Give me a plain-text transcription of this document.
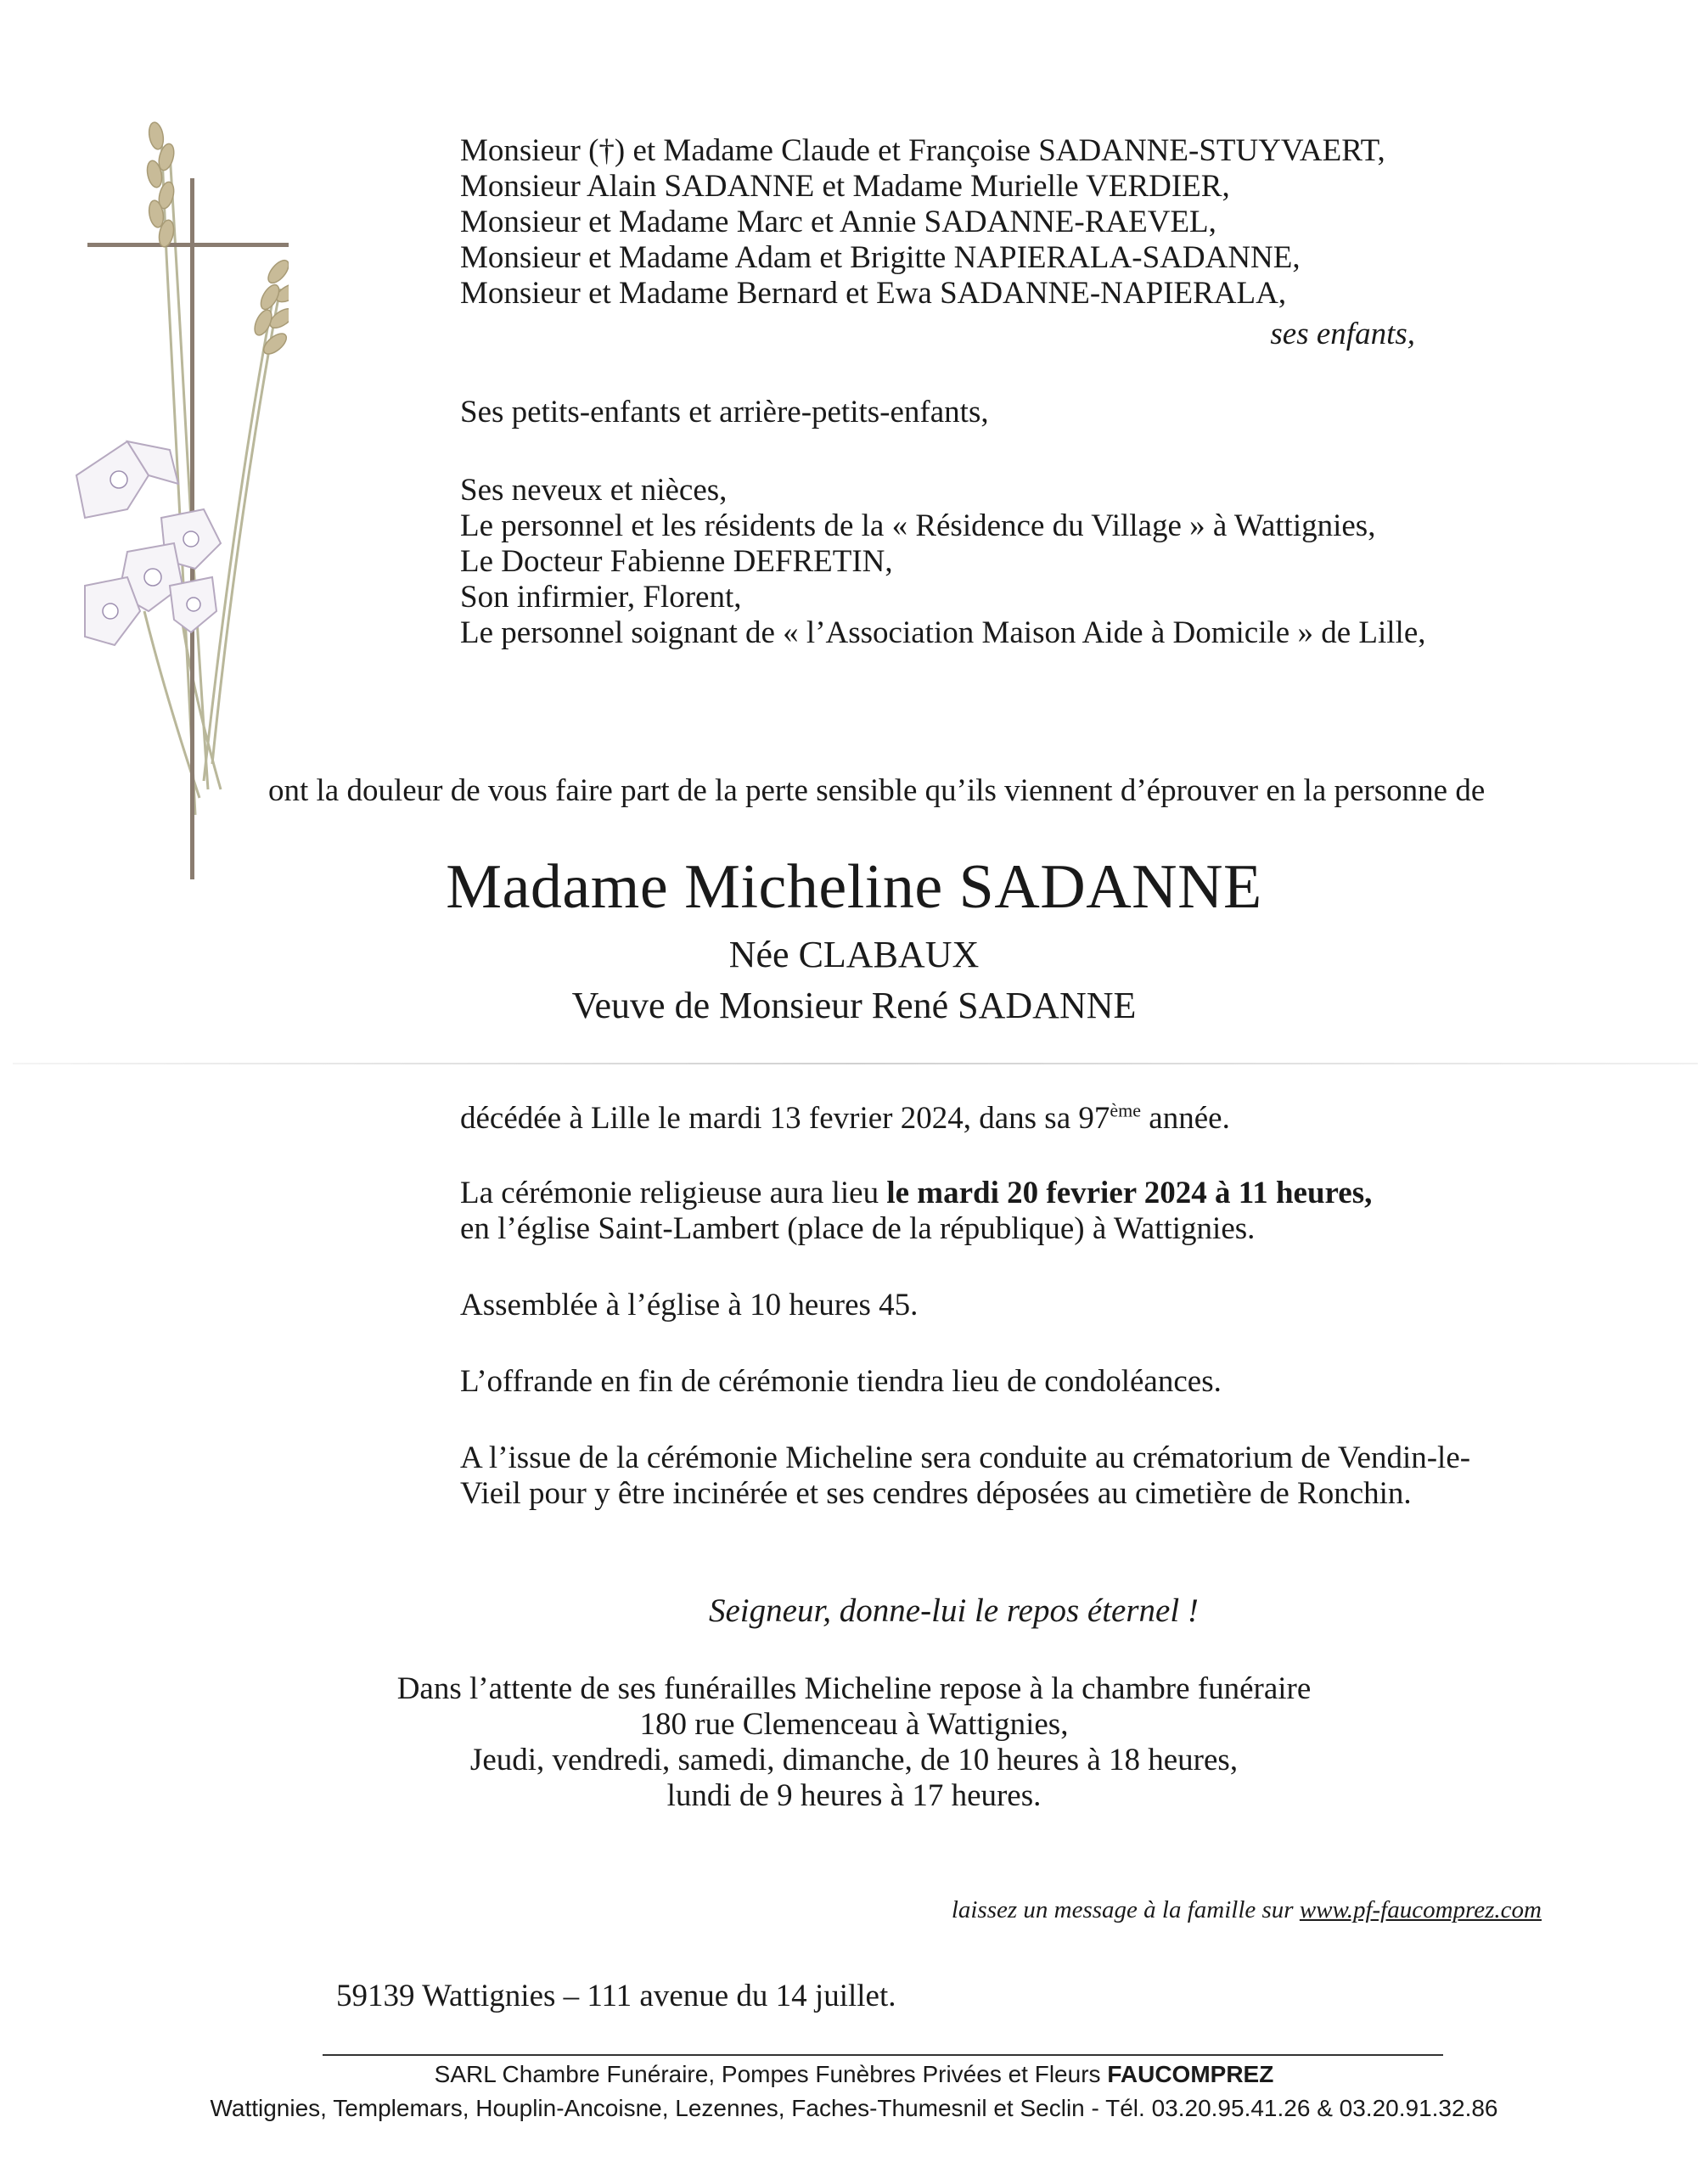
Monsieur (†) et Madame Claude et Françoise SADANNE-STUYVAERT,
Monsieur Alain SADANNE et Madame Murielle VERDIER,
Monsieur et Madame Marc et Annie SADANNE-RAEVEL,
Monsieur et Madame Adam et Brigitte NAPIERALA-SADANNE,
Monsieur et Madame Bernard et Ewa SADANNE-NAPIERALA,
ses enfants,
Ses petits-enfants et arrière-petits-enfants,
Ses neveux et nièces,
Le personnel et les résidents de la « Résidence du Village » à Wattignies,
Le Docteur Fabienne DEFRETIN,
Son infirmier, Florent,
Le personnel soignant de « l’Association Maison Aide à Domicile » de Lille,
ont la douleur de vous faire part de la perte sensible qu’ils viennent d’éprouver en la personne de
Madame Micheline SADANNE
Née CLABAUX
Veuve de Monsieur René SADANNE
décédée à Lille le mardi 13 fevrier 2024, dans sa 97ème année.
La cérémonie religieuse aura lieu le mardi 20 fevrier 2024 à 11 heures,
en l’église Saint-Lambert (place de la république) à Wattignies.
Assemblée à l’église à 10 heures 45.
L’offrande en fin de cérémonie tiendra lieu de condoléances.
A l’issue de la cérémonie Micheline sera conduite au crématorium de Vendin-le-
Vieil pour y être incinérée et ses cendres déposées au cimetière de Ronchin.
Seigneur, donne-lui le repos éternel !
Dans l’attente de ses funérailles Micheline repose à la chambre funéraire
180 rue Clemenceau à Wattignies,
Jeudi, vendredi, samedi, dimanche, de 10 heures à 18 heures,
lundi de 9 heures à 17 heures.
laissez un message à la famille sur www.pf-faucomprez.com
59139 Wattignies – 111 avenue du 14 juillet.
SARL Chambre Funéraire, Pompes Funèbres Privées et Fleurs FAUCOMPREZ
Wattignies, Templemars, Houplin-Ancoisne, Lezennes, Faches-Thumesnil et Seclin - Tél. 03.20.95.41.26 & 03.20.91.32.86
